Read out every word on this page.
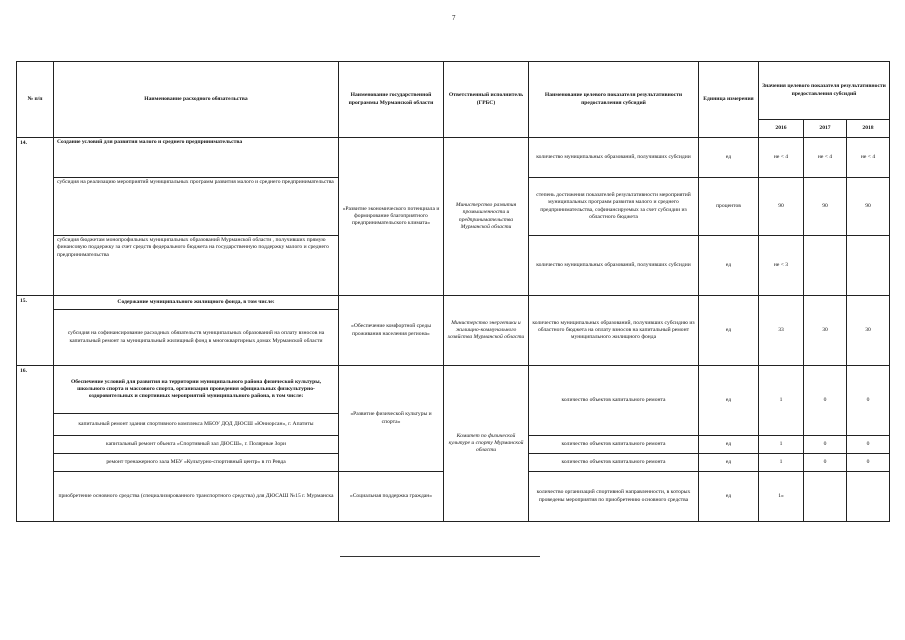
7
№ п/п	Наименование расходного обязательства	Наименование государственной программы Мурманской области	Ответственный исполнитель (ГРБС)	Наименование целевого показателя результативности предоставления субсидий	Единица измерения	Значения целевого показателя результативности предоставления субсидий		
						2016	2017	2018
14.	Создание условий для развития малого и среднего предпринимательства	«Развитие экономического потенциала и формирование благоприятного предпринимательского климата»	Министерство развития промышленности и предпринимательства Мурманской области	количество муниципальных образований, получивших субсидии	ед	не < 4	не < 4	не < 4
	субсидия на реализацию мероприятий муниципальных программ развития малого и среднего предпринимательства			степень достижения показателей результативности мероприятий муниципальных программ развития малого и среднего предпринимательства, софинансируемых за счет субсидии из областного бюджета	процентов	90	90	90
	субсидия бюджетам монопрофильных муниципальных образований Мурманской области , получивших прямую финансовую поддержку за счет средств федерального бюджета на государственную поддержку малого и среднего предпринимательства			количество муниципальных образований, получивших субсидии	ед	не < 3		
15.	Содержание муниципального жилищного фонда, в том числе:	«Обеспечение комфортной среды проживания населения региона»	Министерство энергетики и жилищно-коммунального хозяйства Мурманской области	количество муниципальных образований, получивших субсидию из областного бюджета на оплату взносов на капитальный ремонт муниципального жилищного фонда	ед	33	30	30
	субсидия на софинансирование расходных обязательств муниципальных образований на оплату взносов на капитальный ремонт за муниципальный жилищный фонд в многоквартирных домах Мурманской области							
16.	Обеспечение условий для развития на территории муниципального района физической культуры, школьного спорта и массового спорта, организация проведения официальных физкультурно-оздоровительных и спортивных мероприятий муниципального района, в том числе:	«Развитие физической культуры и спорта»	Комитет по физической культуре и спорту Мурманской области	количество объектов капитального ремонта	ед	1	0	0
	капитальный ремонт здания спортивного комплекса МБОУ ДОД ДЮСШ «Юниорсан», г. Апатиты							
	капитальный ремонт объекта «Спортивный зал ДЮСШ», г. Полярные Зори			количество объектов капитального ремонта	ед	1	0	0
	ремонт тренажерного зала МБУ «Культурно-спортивный центр» в гп Ревда			количество объектов капитального ремонта	ед	1	0	0
	приобретение основного средства (специализированного транспортного средства) для ДЮСАШ №15 г. Мурманска	«Социальная поддержка граждан»		количество организаций спортивной направленности, в которых проведены мероприятия по приобретению основного средства	ед	1»		
